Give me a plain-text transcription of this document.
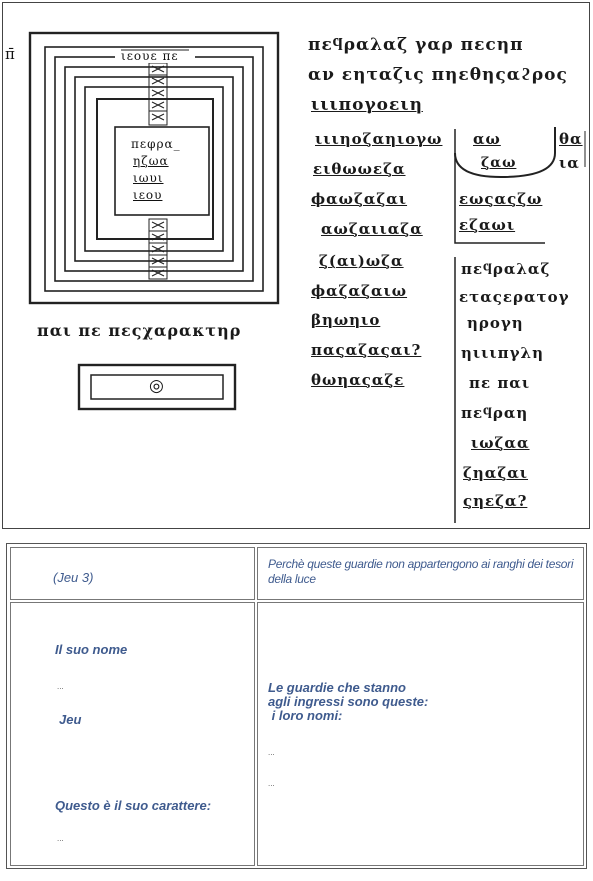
π̄	ιεουε πε
πεφρα_
ηζωα
ιωυι
ιεου
παι πε πεςχαρακτηρ
◎
πεϥραλαζ γαρ πεϲηπ
αν εηταζις πηεθηςαϩρος
ιιιπογοειη
ιιιηοζαηιογω
ειθωωεζα
ϕαωζαζαι
αωζαιιαζα
ζ(αι)ωζα
ϕαζαζαιω
βηωηιο
παςαζαςαι?
θωηαςαζε
αω
ζαω
εωςαςζω
εζαωι
θα
ια
πεϥραλαζ
εταςερατογ
ηρογη
ηιιιπγλη
πε παι
πεϥραη
ιωζαα
ζηαζαι
ςηεζα?
(Jeu 3)
Perchè queste guardie non appartengono ai ranghi dei tesori della luce
Il suo nome
...
Jeu
Questo è il suo carattere:
...
Le guardie che stanno
agli ingressi sono queste:
i loro nomi:
...
...
